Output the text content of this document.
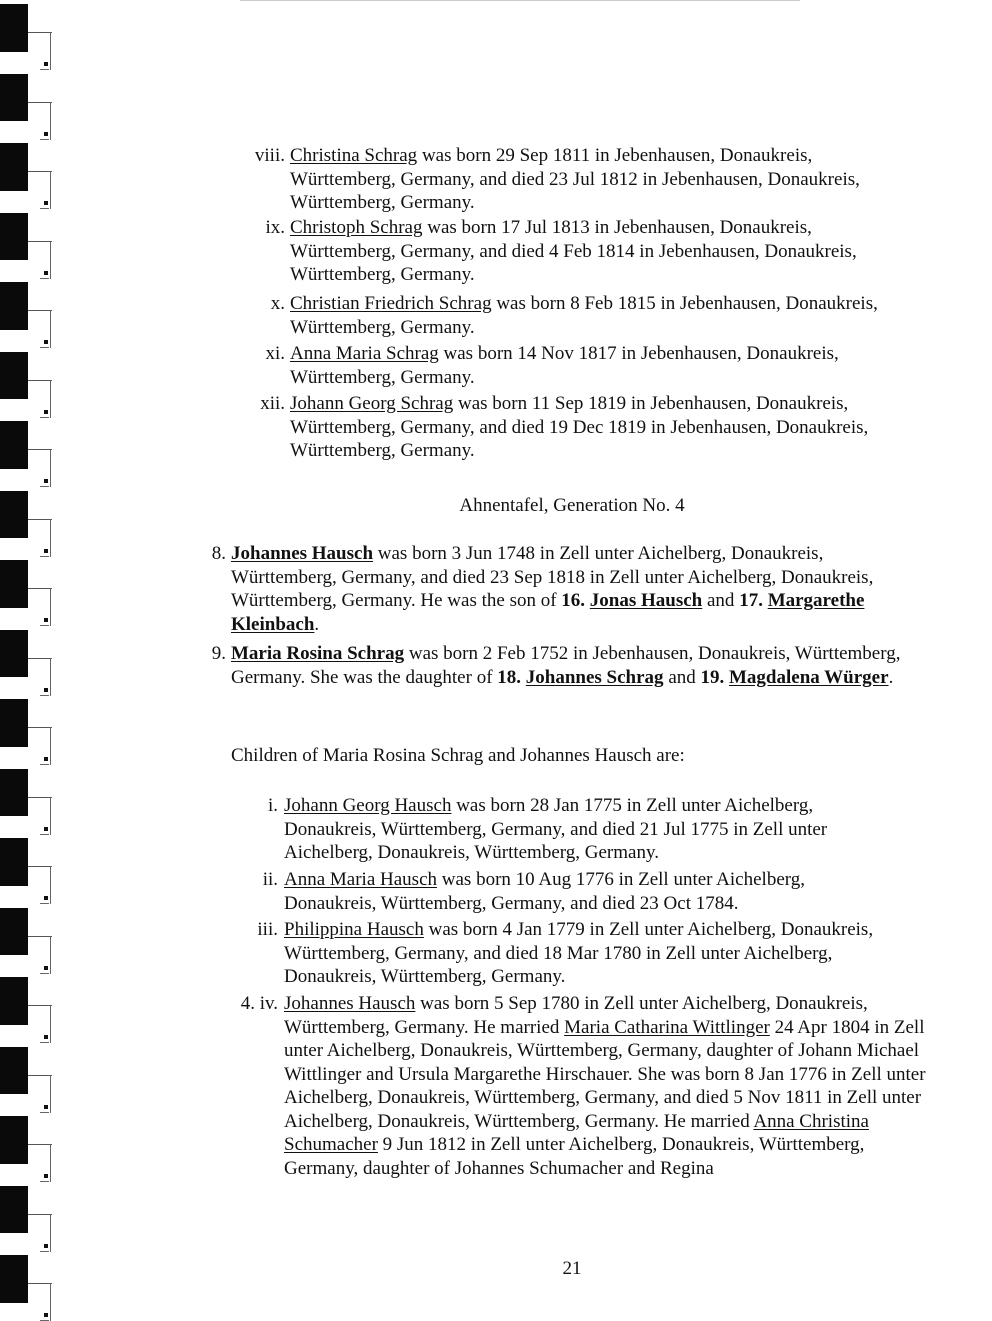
viii. Christina Schrag was born 29 Sep 1811 in Jebenhausen, Donaukreis, Württemberg, Germany, and died 23 Jul 1812 in Jebenhausen, Donaukreis, Württemberg, Germany.
ix. Christoph Schrag was born 17 Jul 1813 in Jebenhausen, Donaukreis, Württemberg, Germany, and died 4 Feb 1814 in Jebenhausen, Donaukreis, Württemberg, Germany.
x. Christian Friedrich Schrag was born 8 Feb 1815 in Jebenhausen, Donaukreis, Württemberg, Germany.
xi. Anna Maria Schrag was born 14 Nov 1817 in Jebenhausen, Donaukreis, Württemberg, Germany.
xii. Johann Georg Schrag was born 11 Sep 1819 in Jebenhausen, Donaukreis, Württemberg, Germany, and died 19 Dec 1819 in Jebenhausen, Donaukreis, Württemberg, Germany.
Ahnentafel, Generation No. 4
8. Johannes Hausch was born 3 Jun 1748 in Zell unter Aichelberg, Donaukreis, Württemberg, Germany, and died 23 Sep 1818 in Zell unter Aichelberg, Donaukreis, Württemberg, Germany. He was the son of 16. Jonas Hausch and 17. Margarethe Kleinbach.
9. Maria Rosina Schrag was born 2 Feb 1752 in Jebenhausen, Donaukreis, Württemberg, Germany. She was the daughter of 18. Johannes Schrag and 19. Magdalena Würger.
Children of Maria Rosina Schrag and Johannes Hausch are:
i. Johann Georg Hausch was born 28 Jan 1775 in Zell unter Aichelberg, Donaukreis, Württemberg, Germany, and died 21 Jul 1775 in Zell unter Aichelberg, Donaukreis, Württemberg, Germany.
ii. Anna Maria Hausch was born 10 Aug 1776 in Zell unter Aichelberg, Donaukreis, Württemberg, Germany, and died 23 Oct 1784.
iii. Philippina Hausch was born 4 Jan 1779 in Zell unter Aichelberg, Donaukreis, Württemberg, Germany, and died 18 Mar 1780 in Zell unter Aichelberg, Donaukreis, Württemberg, Germany.
4. iv. Johannes Hausch was born 5 Sep 1780 in Zell unter Aichelberg, Donaukreis, Württemberg, Germany. He married Maria Catharina Wittlinger 24 Apr 1804 in Zell unter Aichelberg, Donaukreis, Württemberg, Germany, daughter of Johann Michael Wittlinger and Ursula Margarethe Hirschauer. She was born 8 Jan 1776 in Zell unter Aichelberg, Donaukreis, Württemberg, Germany, and died 5 Nov 1811 in Zell unter Aichelberg, Donaukreis, Württemberg, Germany. He married Anna Christina Schumacher 9 Jun 1812 in Zell unter Aichelberg, Donaukreis, Württemberg, Germany, daughter of Johannes Schumacher and Regina
21
